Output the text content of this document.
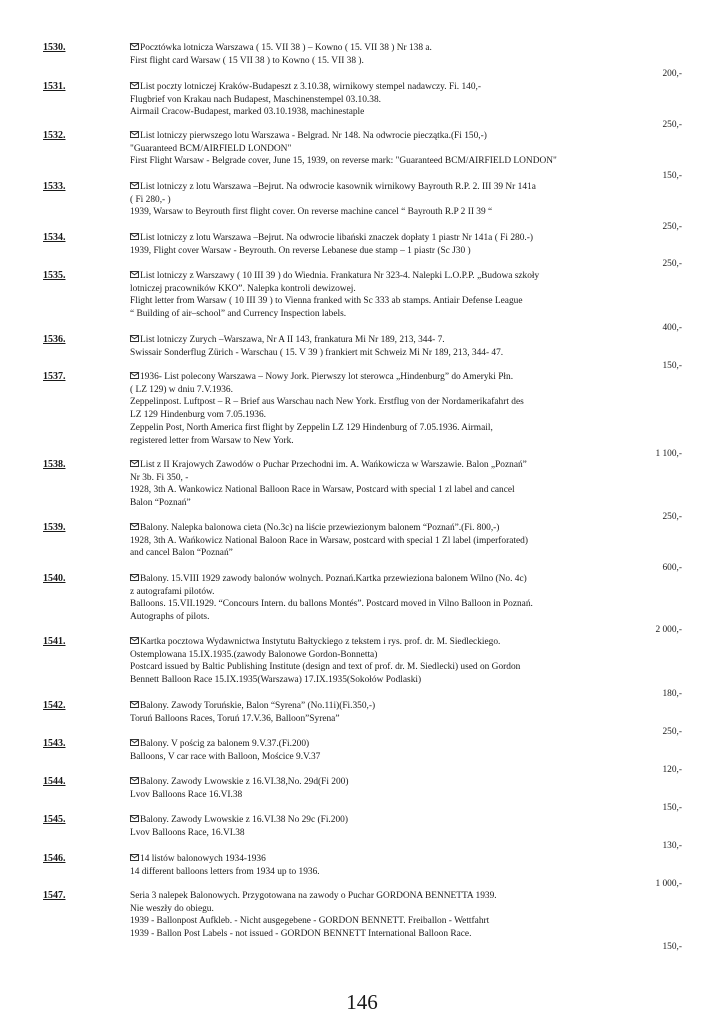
1530.	Pocztówka lotnicza Warszawa ( 15. VII 38 ) – Kowno ( 15. VII 38 ) Nr 138 a.
First flight card Warsaw ( 15 VII 38 ) to Kowno ( 15. VII 38 ).
200,-
1531.	List poczty lotniczej Kraków-Budapeszt z 3.10.38, wirnikowy stempel nadawczy. Fi. 140,-
Flugbrief von Krakau nach Budapest, Maschinenstempel 03.10.38.
Airmail Cracow-Budapest, marked 03.10.1938, machinestaple
250,-
1532.	List lotniczy pierwszego lotu Warszawa - Belgrad. Nr 148. Na odwrocie pieczątka.(Fi 150,-)
"Guaranteed BCM/AIRFIELD LONDON"
First Flight Warsaw - Belgrade cover, June 15, 1939, on reverse mark: "Guaranteed BCM/AIRFIELD LONDON"
150,-
1533.	List lotniczy z lotu Warszawa –Bejrut. Na odwrocie kasownik wirnikowy Bayrouth R.P. 2. III 39 Nr 141a
( Fi 280,- )
1939, Warsaw to Beyrouth first flight cover. On reverse machine cancel “ Bayrouth R.P 2 II 39 “
250,-
1534.	List lotniczy z lotu Warszawa –Bejrut. Na odwrocie libański znaczek dopłaty 1 piastr Nr 141a ( Fi 280.-)
1939, Flight cover Warsaw - Beyrouth. On reverse Lebanese due stamp – 1 piastr (Sc J30 )
250,-
1535.	List lotniczy z Warszawy ( 10 III 39 ) do Wiednia. Frankatura Nr 323-4. Nalepki L.O.P.P. „Budowa szkoły
lotniczej pracowników KKO”. Nalepka kontroli dewizowej.
Flight letter from Warsaw ( 10 III 39 ) to Vienna franked with Sc 333 ab stamps. Antiair Defense League
“ Building of air–school” and Currency Inspection labels.
400,-
1536.	List lotniczy Zurych –Warszawa, Nr A II 143, frankatura Mi Nr 189, 213, 344- 7.
Swissair Sonderflug Zürich - Warschau ( 15. V 39 ) frankiert mit Schweiz Mi Nr 189, 213, 344- 47.
150,-
1537.	1936- List polecony Warszawa – Nowy Jork. Pierwszy lot sterowca „Hindenburg” do Ameryki Płn.
( LZ 129) w dniu 7.V.1936.
Zeppelinpost. Luftpost – R – Brief aus Warschau nach New York. Erstflug von der Nordamerikafahrt des
LZ 129 Hindenburg vom 7.05.1936.
Zeppelin Post, North America first flight by Zeppelin LZ 129 Hindenburg of 7.05.1936. Airmail,
registered letter from Warsaw to New York.
1 100,-
1538.	List z II Krajowych Zawodów o Puchar Przechodni im. A. Wańkowicza w Warszawie. Balon „Poznań”
Nr 3b. Fi 350, -
1928, 3th A. Wankowicz National Balloon Race in Warsaw, Postcard with special 1 zl label and cancel
Balon “Poznań”
250,-
1539.	Balony. Nalepka balonowa cieta (No.3c) na liście przewiezionym balonem “Poznań”.(Fi. 800,-)
1928, 3th A. Wańkowicz National Baloon Race in Warsaw, postcard with special 1 Zl label (imperforated)
and cancel Balon “Poznań”
600,-
1540.	Balony. 15.VIII 1929 zawody balonów wolnych. Poznań.Kartka przewieziona balonem Wilno (No. 4c)
z autografami pilotów.
Balloons. 15.VII.1929. “Concours Intern. du ballons Montés”. Postcard moved in Vilno Balloon in Poznań.
Autographs of pilots.
2 000,-
1541.	Kartka pocztowa Wydawnictwa Instytutu Bałtyckiego z tekstem i rys. prof. dr. M. Siedleckiego.
Ostemplowana 15.IX.1935.(zawody Balonowe Gordon-Bonnetta)
Postcard issued by Baltic Publishing Institute (design and text of prof. dr. M. Siedlecki) used on Gordon
Bennett Balloon Race 15.IX.1935(Warszawa) 17.IX.1935(Sokołów Podlaski)
180,-
1542.	Balony. Zawody Toruńskie, Balon “Syrena” (No.11i)(Fi.350,-)
Toruń Balloons Races, Toruń 17.V.36, Balloon”Syrena”
250,-
1543.	Balony. V pościg za balonem 9.V.37.(Fi.200)
Balloons, V car race with Balloon, Mościce 9.V.37
120,-
1544.	Balony. Zawody Lwowskie z 16.VI.38,No. 29d(Fi 200)
Lvov Balloons Race 16.VI.38
150,-
1545.	Balony. Zawody Lwowskie z 16.VI.38 No 29c (Fi.200)
Lvov Balloons Race, 16.VI.38
130,-
1546.	14 listów balonowych 1934-1936
14 different balloons letters from 1934 up to 1936.
1 000,-
1547.	Seria 3 nalepek Balonowych. Przygotowana na zawody o Puchar GORDONA BENNETTA 1939.
Nie weszły do obiegu.
1939 - Ballonpost Aufkleb. - Nicht ausgegebene - GORDON BENNETT. Freiballon - Wettfahrt
1939 - Ballon Post Labels - not issued - GORDON BENNETT International Balloon Race.
150,-
146
